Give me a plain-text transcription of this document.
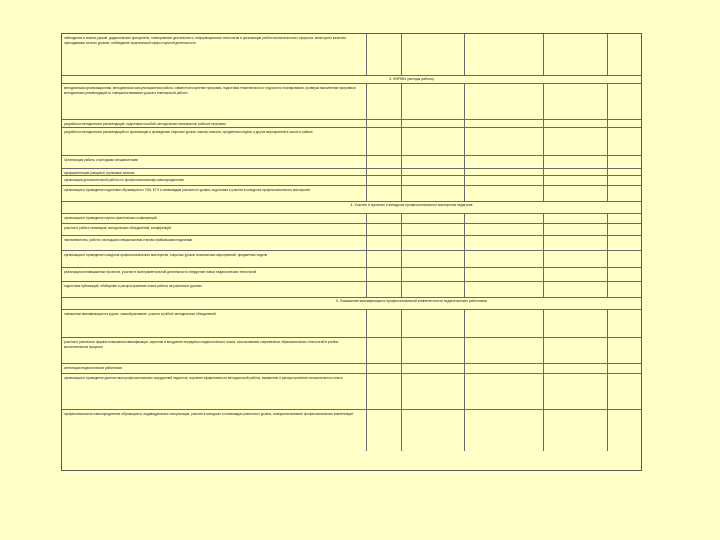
наблюдение и анализ уроков, дидактические приоритеты, планирование деятельности, информационные технологии в организации учебно-воспитательного процесса, мониторинг качества преподавания на всех уровнях, наблюдение практической сферы научной деятельности
3. ФОРМЫ (методы работы)
методическая организационная, методическая консультационная работа; совместное изучение программ, подготовка тематического и поурочного планирования, проверка выполнения программ и методических рекомендаций по совершенствованию уроков и внеклассной работы
разработка методических рекомендаций, подготовка пособий, методических материалов, рабочих программ
разработка методических рекомендаций по организации и проведению открытых уроков, мастер-классов, предметных недель и других мероприятий в школе и районе
Организация работы с молодыми специалистами
профориентация учащихся, групповые занятия
организация дополнительной работы по профессиональному самоопределению
организация и проведение подготовки обучающихся к ГИА, ЕГЭ и олимпиадам различного уровня, подготовка и участие в конкурсах профессионального мастерства
4. Участие в проектах и конкурсах профессионального мастерства педагогов
организация и проведение научно-практических конференций
участие в работе семинаров, методических объединений, конференций
наставничество, работа с молодыми специалистами и вновь прибывшими педагогами
организация и проведение конкурсов профессионального мастерства, открытых уроков, внеклассных мероприятий, предметных недель
реализация инновационных проектов, участие в экспериментальной деятельности, внедрение новых педагогических технологий
подготовка публикаций, обобщение и распространение опыта работы на различных уровнях
5. Повышение квалификации и профессиональной компетентности педагогических работников
повышение квалификации на курсах, самообразование, участие в работе методических объединений
участие в различных формах повышения квалификации, изучение и внедрение передового педагогического опыта, использование современных образовательных технологий в учебно-воспитательном процессе
аттестация педагогических работников
организация и проведение диагностики профессиональных затруднений педагогов, изучение эффективности методической работы, выявление и распространение положительного опыта
профессиональное самоопределение обучающихся, индивидуальные консультации, участие в конкурсах и олимпиадах различного уровня, совершенствование профессиональных компетенций
